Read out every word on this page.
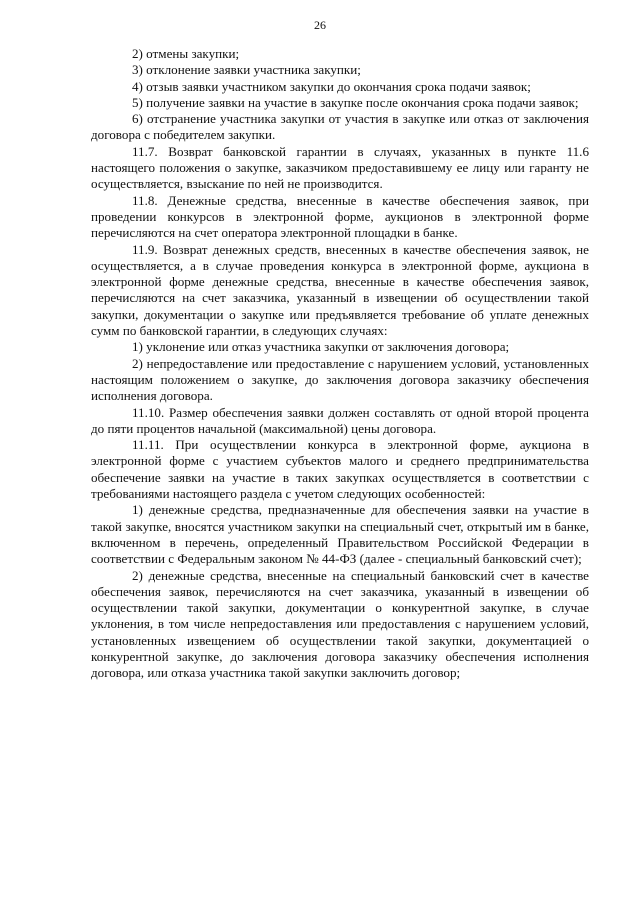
26

2) отмены закупки;

3) отклонение заявки участника закупки;

4) отзыв заявки участником закупки до окончания срока подачи заявок;

5) получение заявки на участие в закупке после окончания срока подачи заявок;

6) отстранение участника закупки от участия в закупке или отказ от заключения договора с победителем закупки.

11.7. Возврат банковской гарантии в случаях, указанных в пункте 11.6 настоящего положения о закупке, заказчиком предоставившему ее лицу или гаранту не осуществляется, взыскание по ней не производится.

11.8. Денежные средства, внесенные в качестве обеспечения заявок, при проведении конкурсов в электронной форме, аукционов в электронной форме перечисляются на счет оператора электронной площадки в банке.

11.9. Возврат денежных средств, внесенных в качестве обеспечения заявок, не осуществляется, а в случае проведения конкурса в электронной форме, аукциона в электронной форме денежные средства, внесенные в качестве обеспечения заявок, перечисляются на счет заказчика, указанный в извещении об осуществлении такой закупки, документации о закупке или предъявляется требование об уплате денежных сумм по банковской гарантии, в следующих случаях:

1) уклонение или отказ участника закупки от заключения договора;

2) непредоставление или предоставление с нарушением условий, установленных настоящим положением о закупке, до заключения договора заказчику обеспечения исполнения договора.

11.10. Размер обеспечения заявки должен составлять от одной второй процента до пяти процентов начальной (максимальной) цены договора.

11.11. При осуществлении конкурса в электронной форме, аукциона в электронной форме с участием субъектов малого и среднего предпринимательства обеспечение заявки на участие в таких закупках осуществляется в соответствии с требованиями настоящего раздела с учетом следующих особенностей:

1) денежные средства, предназначенные для обеспечения заявки на участие в такой закупке, вносятся участником закупки на специальный счет, открытый им в банке, включенном в перечень, определенный Правительством Российской Федерации в соответствии с Федеральным законом № 44-ФЗ (далее - специальный банковский счет);

2) денежные средства, внесенные на специальный банковский счет в качестве обеспечения заявок, перечисляются на счет заказчика, указанный в извещении об осуществлении такой закупки, документации о конкурентной закупке, в случае уклонения, в том числе непредоставления или предоставления с нарушением условий, установленных извещением об осуществлении такой закупки, документацией о конкурентной закупке, до заключения договора заказчику обеспечения исполнения договора, или отказа участника такой закупки заключить договор;
